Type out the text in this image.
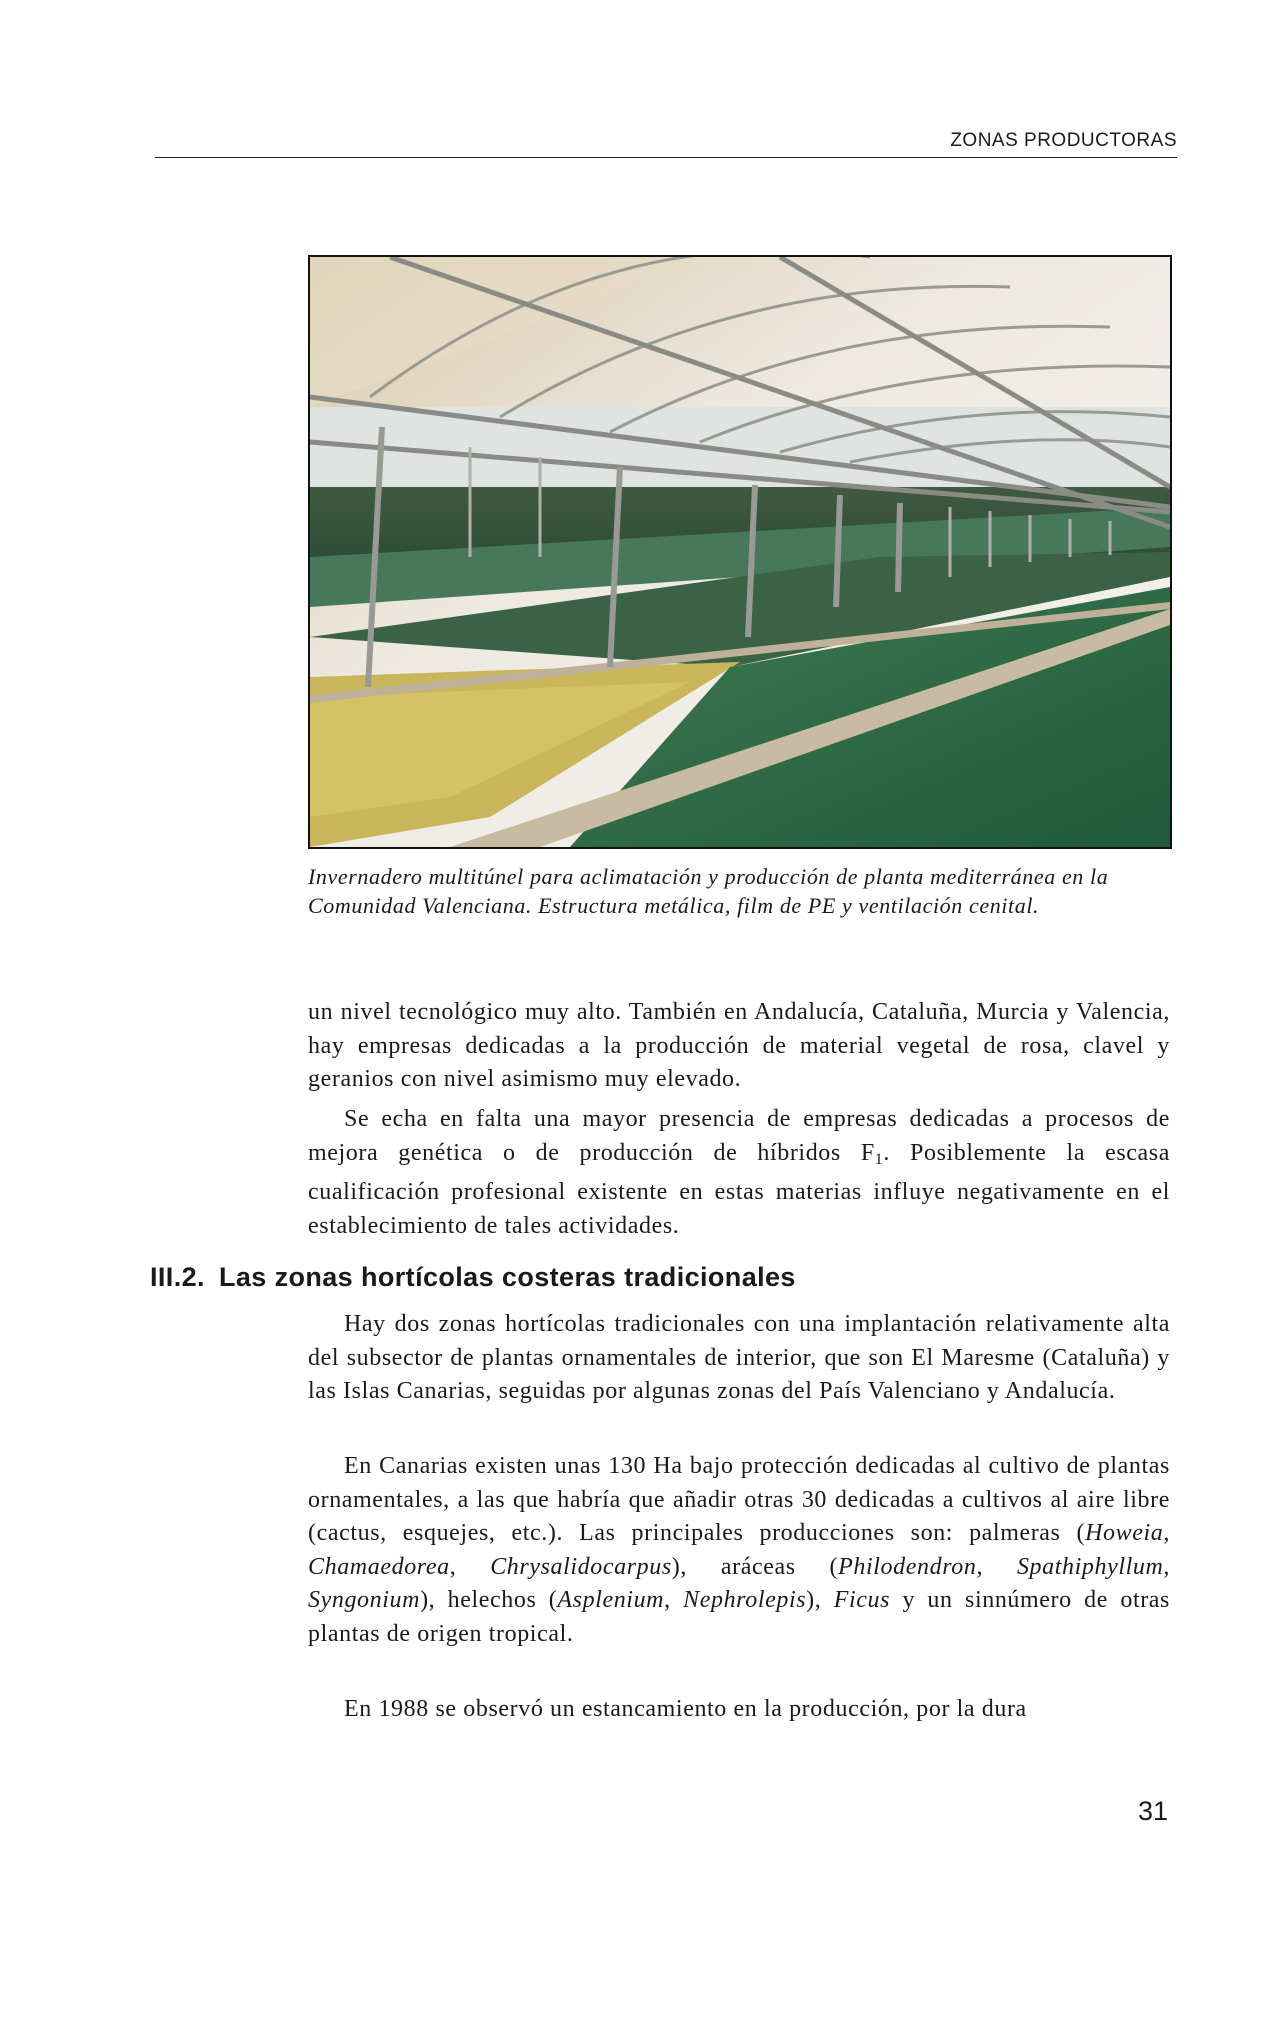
ZONAS PRODUCTORAS

Invernadero multitúnel para aclimatación y producción de planta mediterránea en la Comunidad Valenciana. Estructura metálica, film de PE y ventilación cenital.

un nivel tecnológico muy alto. También en Andalucía, Cataluña, Murcia y Valencia, hay empresas dedicadas a la producción de material vegetal de rosa, clavel y geranios con nivel asimismo muy elevado.

Se echa en falta una mayor presencia de empresas dedicadas a procesos de mejora genética o de producción de híbridos $F_1$. Posiblemente la escasa cualificación profesional existente en estas materias influye negativamente en el establecimiento de tales actividades.

III.2. Las zonas hortícolas costeras tradicionales

Hay dos zonas hortícolas tradicionales con una implantación relativamente alta del subsector de plantas ornamentales de interior, que son El Maresme (Cataluña) y las Islas Canarias, seguidas por algunas zonas del País Valenciano y Andalucía.

En Canarias existen unas 130 Ha bajo protección dedicadas al cultivo de plantas ornamentales, a las que habría que añadir otras 30 dedicadas a cultivos al aire libre (cactus, esquejes, etc.). Las principales producciones son: palmeras (Howeia, Chamaedorea, Chrysalidocarpus), aráceas (Philodendron, Spathiphyllum, Syngonium), helechos (Asplenium, Nephrolepis), Ficus y un sinnúmero de otras plantas de origen tropical.

En 1988 se observó un estancamiento en la producción, por la dura

31
